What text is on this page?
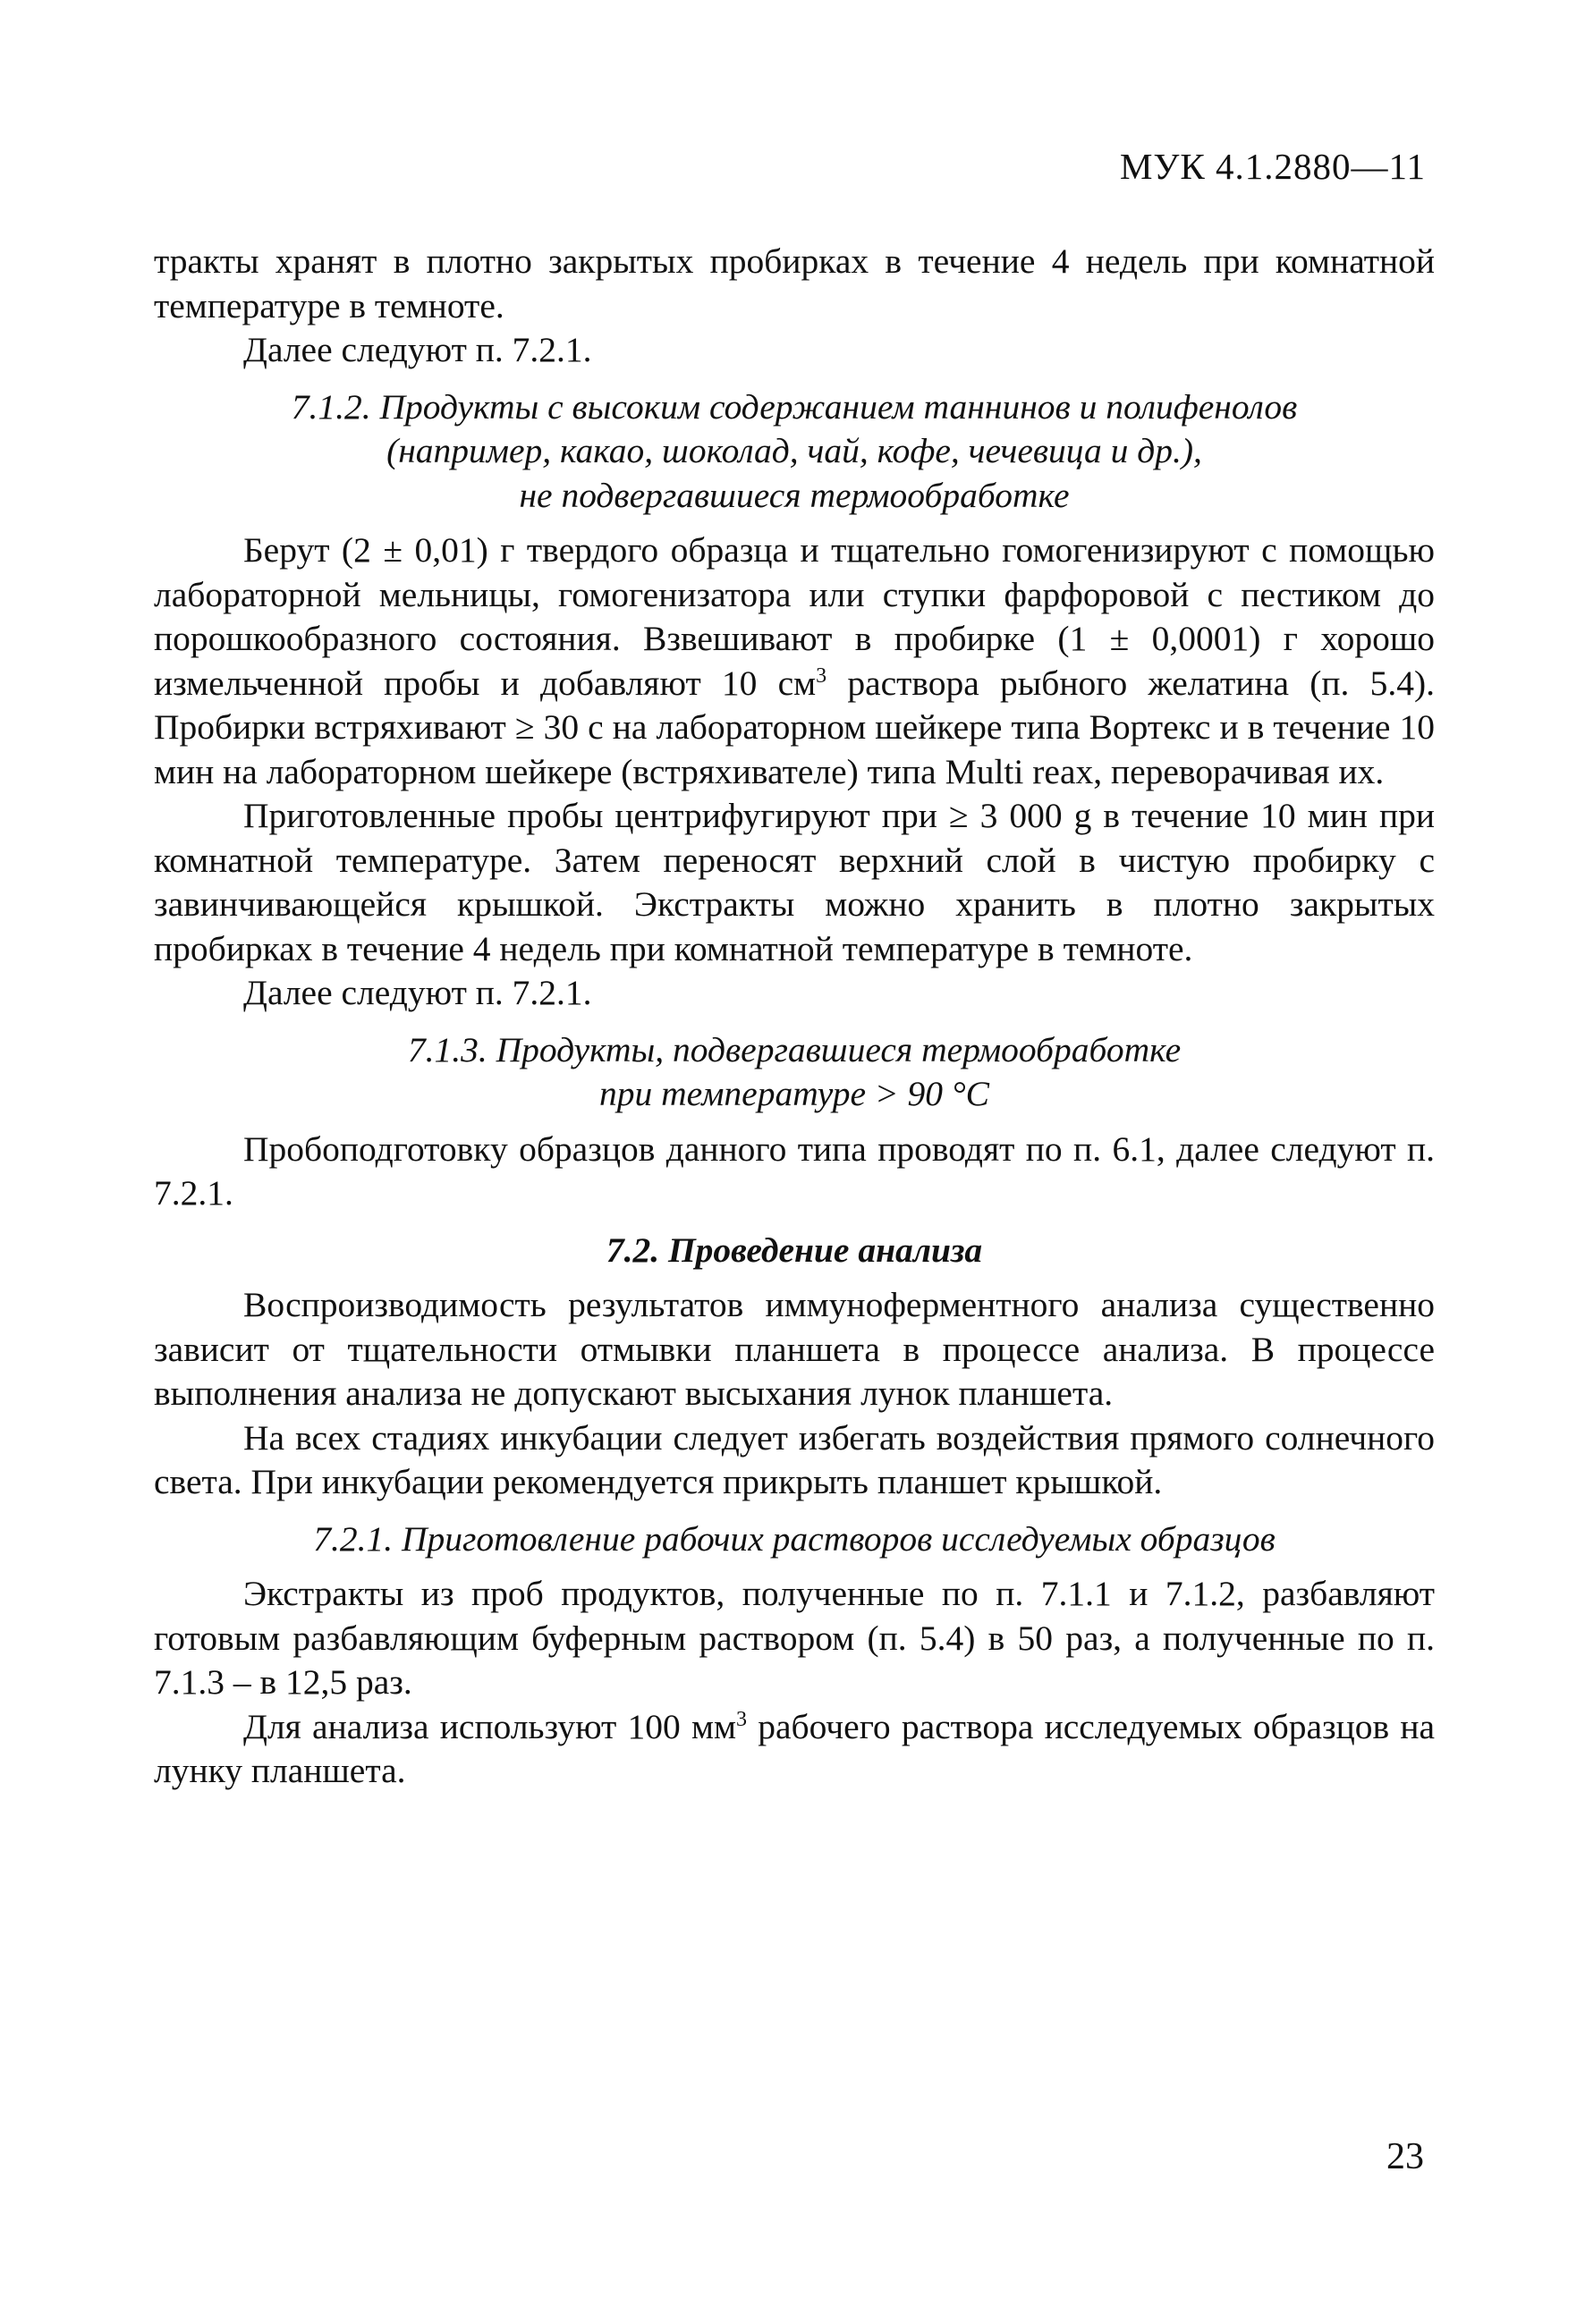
МУК 4.1.2880—11

тракты хранят в плотно закрытых пробирках в течение 4 недель при комнатной температуре в темноте.

Далее следуют п. 7.2.1.

7.1.2. Продукты с высоким содержанием таннинов и полифенолов
(например, какао, шоколад, чай, кофе, чечевица и др.),
не подвергавшиеся термообработке

Берут (2 ± 0,01) г твердого образца и тщательно гомогенизируют с помощью лабораторной мельницы, гомогенизатора или ступки фарфоровой с пестиком до порошкообразного состояния. Взвешивают в пробирке (1 ± 0,0001) г хорошо измельченной пробы и добавляют 10 $см^3$ раствора рыбного желатина (п. 5.4). Пробирки встряхивают ≥ 30 с на лабораторном шейкере типа Вортекс и в течение 10 мин на лабораторном шейкере (встряхивателе) типа Multi reax, переворачивая их.

Приготовленные пробы центрифугируют при ≥ 3 000 g в течение 10 мин при комнатной температуре. Затем переносят верхний слой в чистую пробирку с завинчивающейся крышкой. Экстракты можно хранить в плотно закрытых пробирках в течение 4 недель при комнатной температуре в темноте.

Далее следуют п. 7.2.1.

7.1.3. Продукты, подвергавшиеся термообработке
при температуре > 90 °С

Пробоподготовку образцов данного типа проводят по п. 6.1, далее следуют п. 7.2.1.

7.2. Проведение анализа

Воспроизводимость результатов иммуноферментного анализа существенно зависит от тщательности отмывки планшета в процессе анализа. В процессе выполнения анализа не допускают высыхания лунок планшета.

На всех стадиях инкубации следует избегать воздействия прямого солнечного света. При инкубации рекомендуется прикрыть планшет крышкой.

7.2.1. Приготовление рабочих растворов исследуемых образцов

Экстракты из проб продуктов, полученные по п. 7.1.1 и 7.1.2, разбавляют готовым разбавляющим буферным раствором (п. 5.4) в 50 раз, а полученные по п. 7.1.3 – в 12,5 раз.

Для анализа используют 100 $мм^3$ рабочего раствора исследуемых образцов на лунку планшета.

23
